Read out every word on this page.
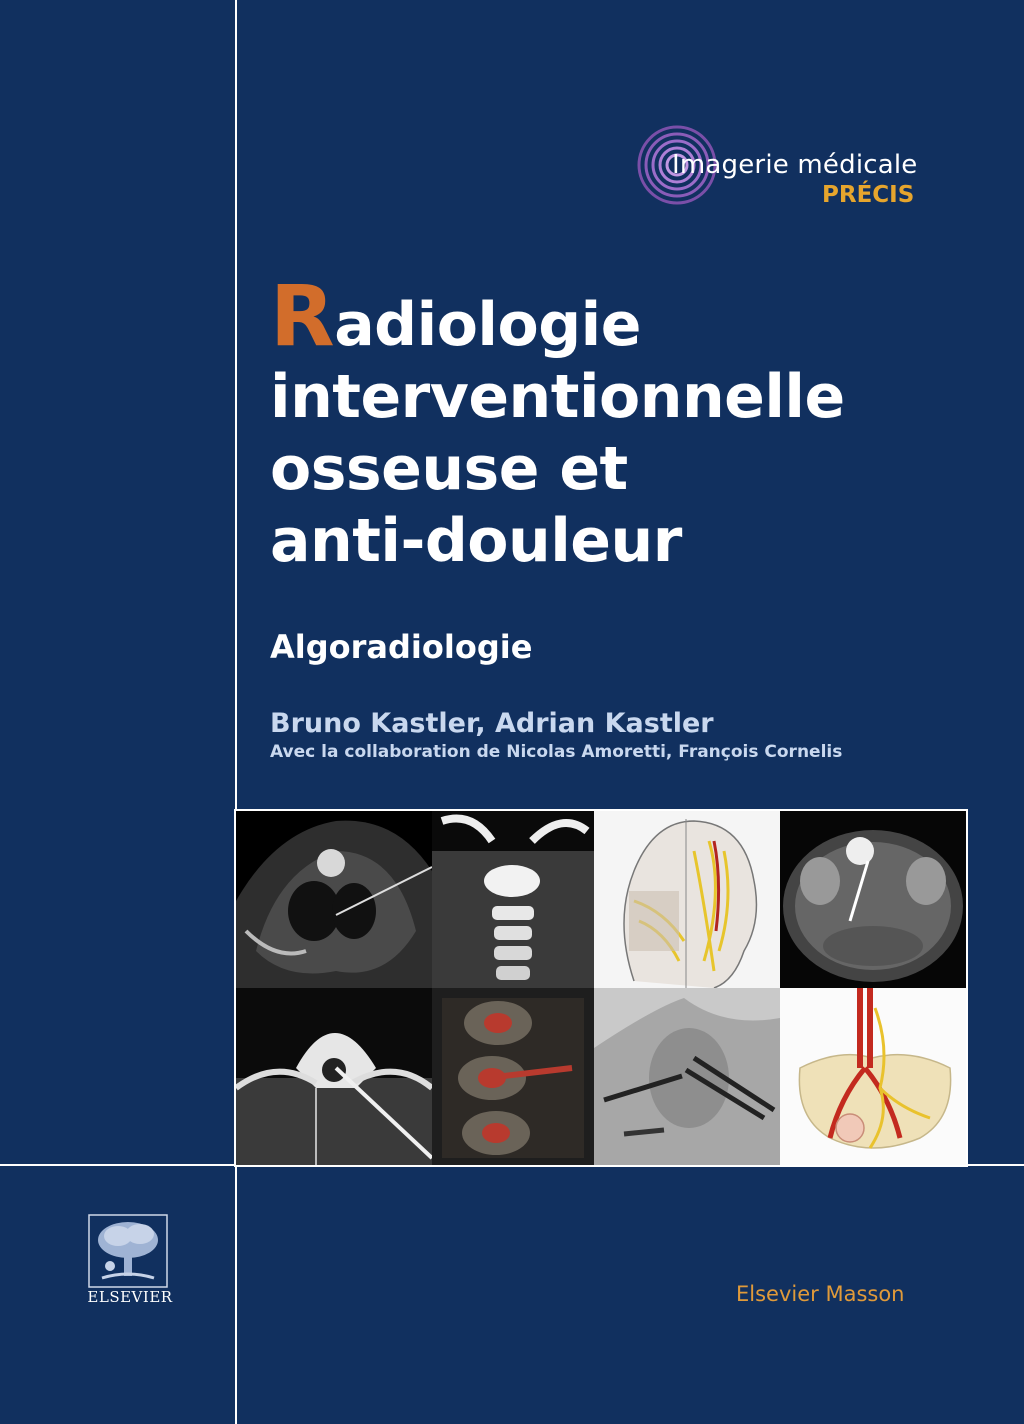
Imagerie médicale
PRÉCIS
Radiologie
interventionnelle
osseuse et
anti-douleur
Algoradiologie
Bruno Kastler, Adrian Kastler
Avec la collaboration de Nicolas Amoretti, François Cornelis
ELSEVIER	Elsevier Masson
